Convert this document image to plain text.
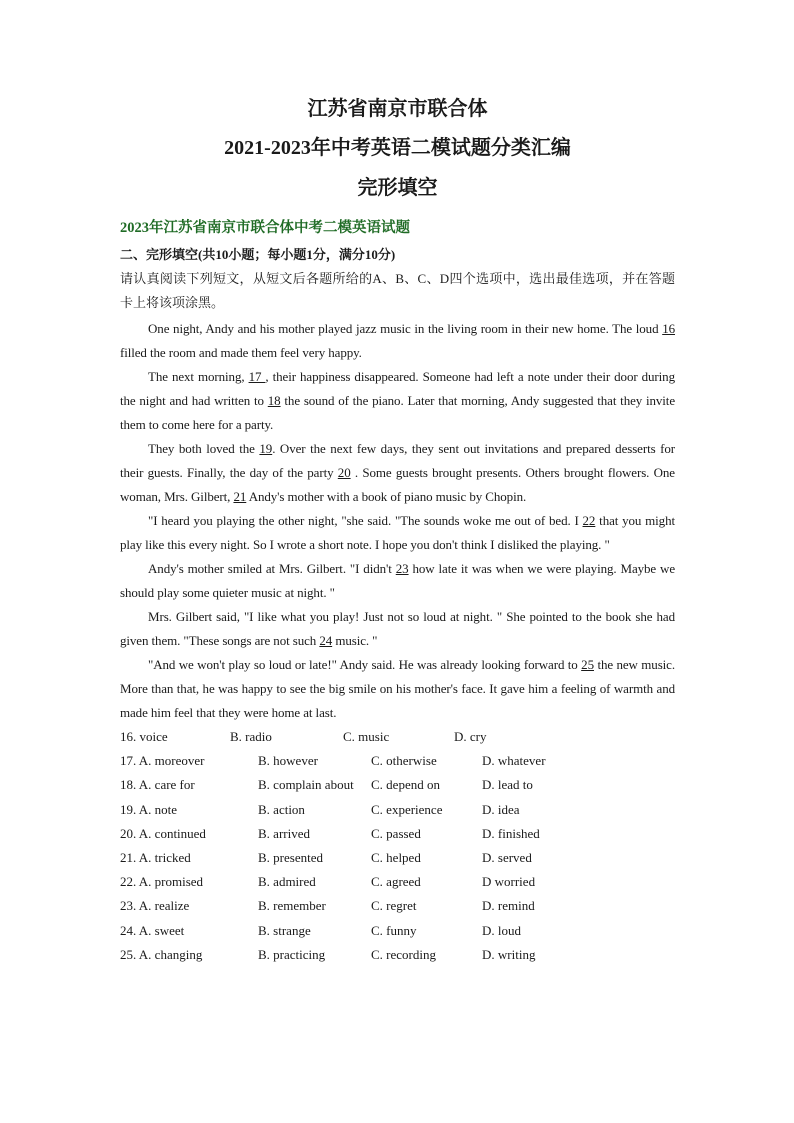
江苏省南京市联合体
2021-2023年中考英语二模试题分类汇编
完形填空
2023年江苏省南京市联合体中考二模英语试题
二、完形填空(共10小题；每小题1分，满分10分)
请认真阅读下列短文，从短文后各题所给的A、B、C、D四个选项中，选出最佳选项，并在答题卡上将该项涂黑。

One night, Andy and his mother played jazz music in the living room in their new home. The loud 16 filled the room and made them feel very happy.

The next morning, 17 , their happiness disappeared. Someone had left a note under their door during the night and had written to 18 the sound of the piano. Later that morning, Andy suggested that they invite them to come here for a party.

They both loved the 19. Over the next few days, they sent out invitations and prepared desserts for their guests. Finally, the day of the party 20 . Some guests brought presents. Others brought flowers. One woman, Mrs. Gilbert, 21 Andy's mother with a book of piano music by Chopin.

"I heard you playing the other night, "she said. "The sounds woke me out of bed. I 22 that you might play like this every night. So I wrote a short note. I hope you don't think I disliked the playing. "

Andy's mother smiled at Mrs. Gilbert. "I didn't 23 how late it was when we were playing. Maybe we should play some quieter music at night. "

Mrs. Gilbert said, "I like what you play! Just not so loud at night. " She pointed to the book she had given them. "These songs are not such 24 music. "

"And we won't play so loud or late!" Andy said. He was already looking forward to 25 the new music. More than that, he was happy to see the big smile on his mother's face. It gave him a feeling of warmth and made him feel that they were home at last.

16. voice	B. radio	C. music	D. cry
17. A. moreover	B. however	C. otherwise	D. whatever
18. A. care for	B. complain about	C. depend on	D. lead to
19. A. note	B. action	C. experience	D. idea
20. A. continued	B. arrived	C. passed	D. finished
21. A. tricked	B. presented	C. helped	D. served
22. A. promised	B. admired	C. agreed	D worried
23. A. realize	B. remember	C. regret	D. remind
24. A. sweet	B. strange	C. funny	D. loud
25. A. changing	B. practicing	C. recording	D. writing
